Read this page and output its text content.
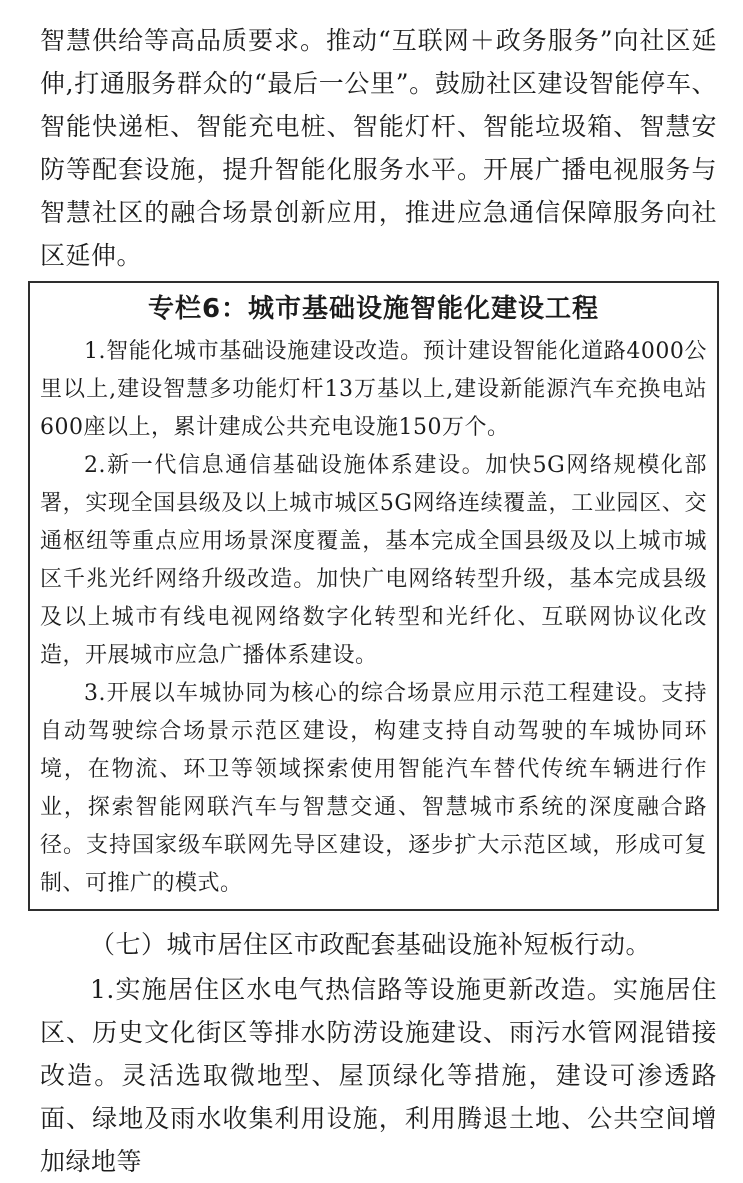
智慧供给等高品质要求。推动“互联网＋政务服务”向社区延伸,打通服务群众的“最后一公里”。鼓励社区建设智能停车、智能快递柜、智能充电桩、智能灯杆、智能垃圾箱、智慧安防等配套设施，提升智能化服务水平。开展广播电视服务与智慧社区的融合场景创新应用，推进应急通信保障服务向社区延伸。

专栏6：城市基础设施智能化建设工程

1.智能化城市基础设施建设改造。预计建设智能化道路4000公里以上,建设智慧多功能灯杆13万基以上,建设新能源汽车充换电站600座以上，累计建成公共充电设施150万个。

2.新一代信息通信基础设施体系建设。加快5G网络规模化部署，实现全国县级及以上城市城区5G网络连续覆盖，工业园区、交通枢纽等重点应用场景深度覆盖，基本完成全国县级及以上城市城区千兆光纤网络升级改造。加快广电网络转型升级，基本完成县级及以上城市有线电视网络数字化转型和光纤化、互联网协议化改造，开展城市应急广播体系建设。

3.开展以车城协同为核心的综合场景应用示范工程建设。支持自动驾驶综合场景示范区建设，构建支持自动驾驶的车城协同环境，在物流、环卫等领域探索使用智能汽车替代传统车辆进行作业，探索智能网联汽车与智慧交通、智慧城市系统的深度融合路径。支持国家级车联网先导区建设，逐步扩大示范区域，形成可复制、可推广的模式。

（七）城市居住区市政配套基础设施补短板行动。

1.实施居住区水电气热信路等设施更新改造。实施居住区、历史文化街区等排水防涝设施建设、雨污水管网混错接改造。灵活选取微地型、屋顶绿化等措施，建设可渗透路面、绿地及雨水收集利用设施，利用腾退土地、公共空间增加绿地等
